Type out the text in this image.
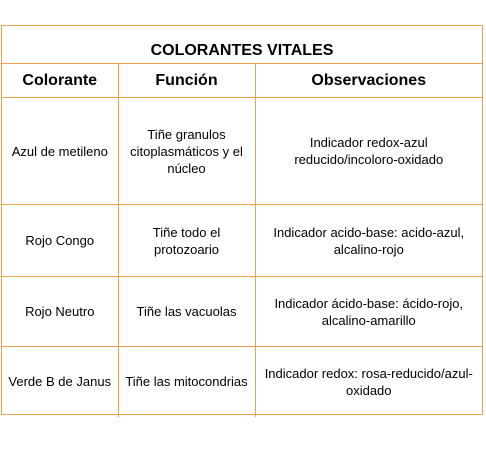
COLORANTES VITALES
Colorante	Función	Observaciones
Azul de metileno	Tiñe granulos citoplasmáticos y el núcleo	Indicador redox-azul reducido/incoloro-oxidado
Rojo Congo	Tiñe todo el protozoario	Indicador acido-base: acido-azul, alcalino-rojo
Rojo Neutro	Tiñe las vacuolas	Indicador ácido-base: ácido-rojo, alcalino-amarillo
Verde B de Janus	Tiñe las mitocondrias	Indicador redox: rosa-reducido/azul-oxidado
